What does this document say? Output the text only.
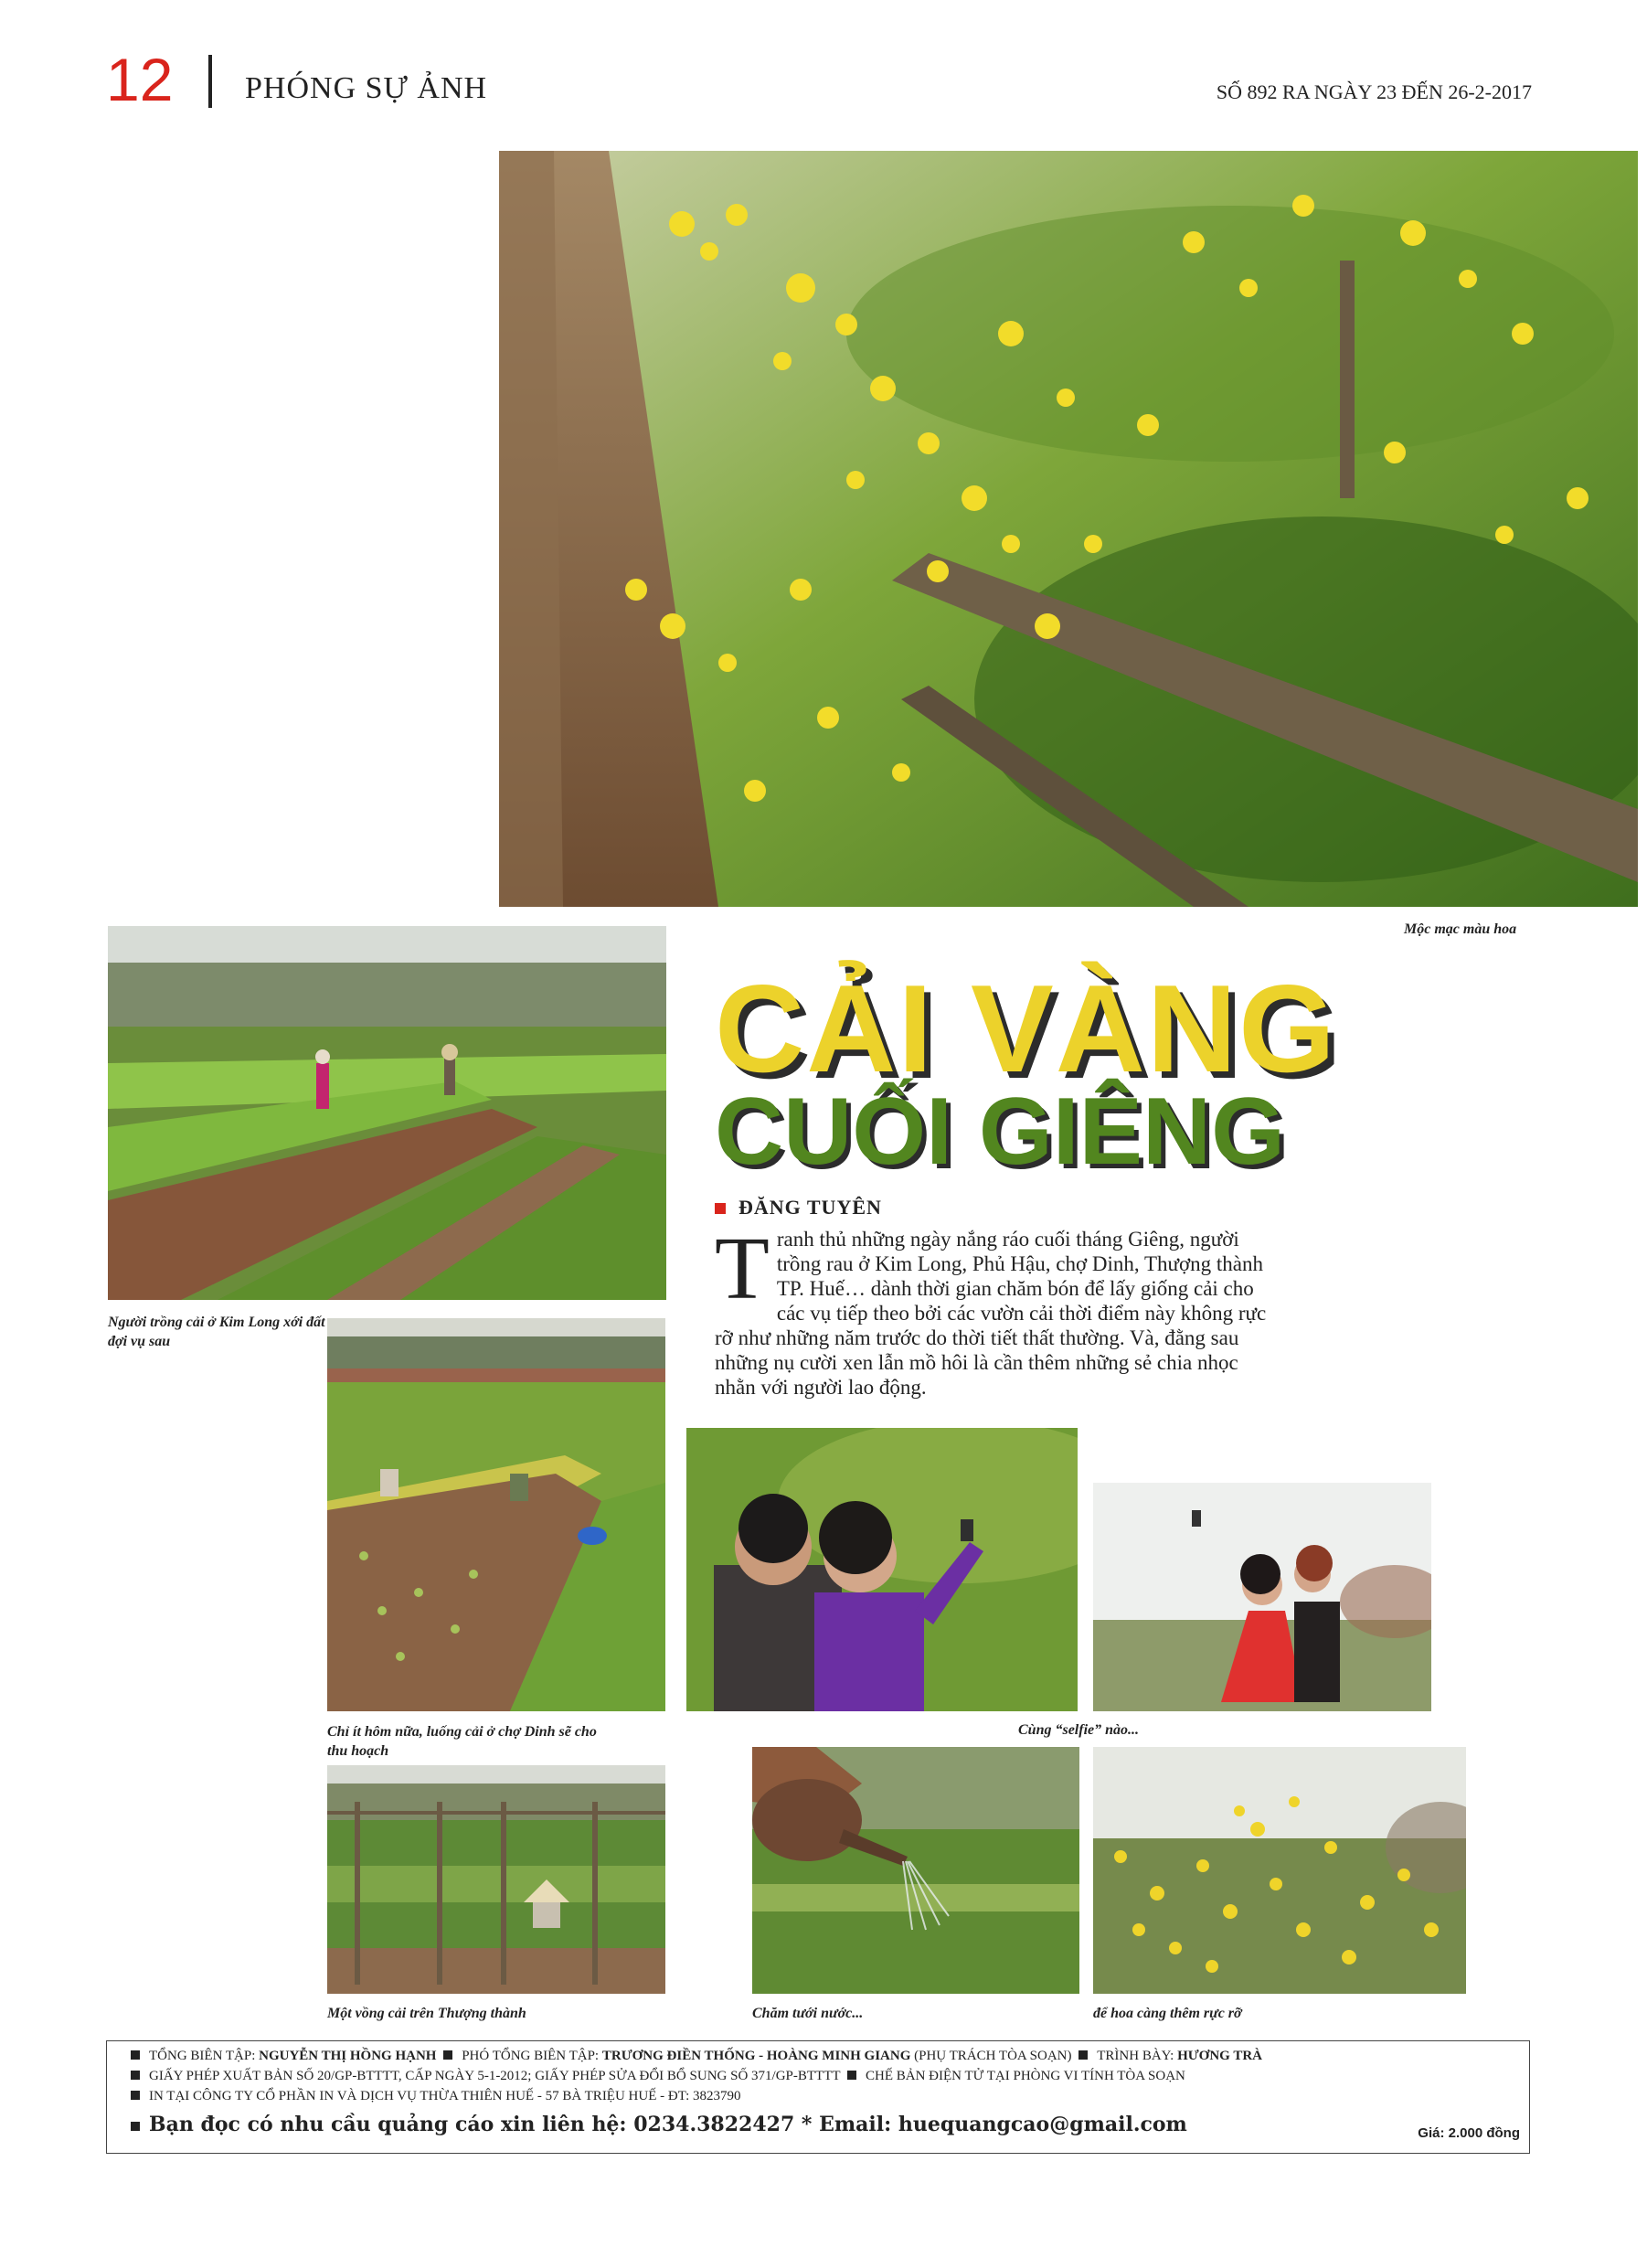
12 PHÓNG SỰ ẢNH	SỐ 892 RA NGÀY 23 ĐẾN 26-2-2017
Mộc mạc màu hoa
Người trồng cải ở Kim Long xới đất đợi vụ sau
Chỉ ít hôm nữa, luống cải ở chợ Dinh sẽ cho thu hoạch
Cùng “selfie” nào...
Một vồng cải trên Thượng thành	Chăm tưới nước...	để hoa càng thêm rực rỡ
CẢI VÀNG
CUỐI GIÊNG
ĐĂNG TUYÊN
Tranh thủ những ngày nắng ráo cuối tháng Giêng, người trồng rau ở Kim Long, Phủ Hậu, chợ Dinh, Thượng thành TP. Huế… dành thời gian chăm bón để lấy giống cải cho các vụ tiếp theo bởi các vườn cải thời điểm này không rực rỡ như những năm trước do thời tiết thất thường. Và, đằng sau những nụ cười xen lẫn mồ hôi là cần thêm những sẻ chia nhọc nhằn với người lao động.
TỔNG BIÊN TẬP: NGUYỄN THỊ HỒNG HẠNH PHÓ TỔNG BIÊN TẬP: TRƯƠNG ĐIỀN THỐNG - HOÀNG MINH GIANG (PHỤ TRÁCH TÒA SOẠN) TRÌNH BÀY: HƯƠNG TRÀ
GIẤY PHÉP XUẤT BẢN SỐ 20/GP-BTTTT, CẤP NGÀY 5-1-2012; GIẤY PHÉP SỬA ĐỔI BỔ SUNG SỐ 371/GP-BTTTT CHẾ BẢN ĐIỆN TỬ TẠI PHÒNG VI TÍNH TÒA SOẠN
IN TẠI CÔNG TY CỔ PHẦN IN VÀ DỊCH VỤ THỪA THIÊN HUẾ - 57 BÀ TRIỆU HUẾ - ĐT: 3823790
Bạn đọc có nhu cầu quảng cáo xin liên hệ: 0234.3822427 * Email: huequangcao@gmail.com	Giá: 2.000 đồng
